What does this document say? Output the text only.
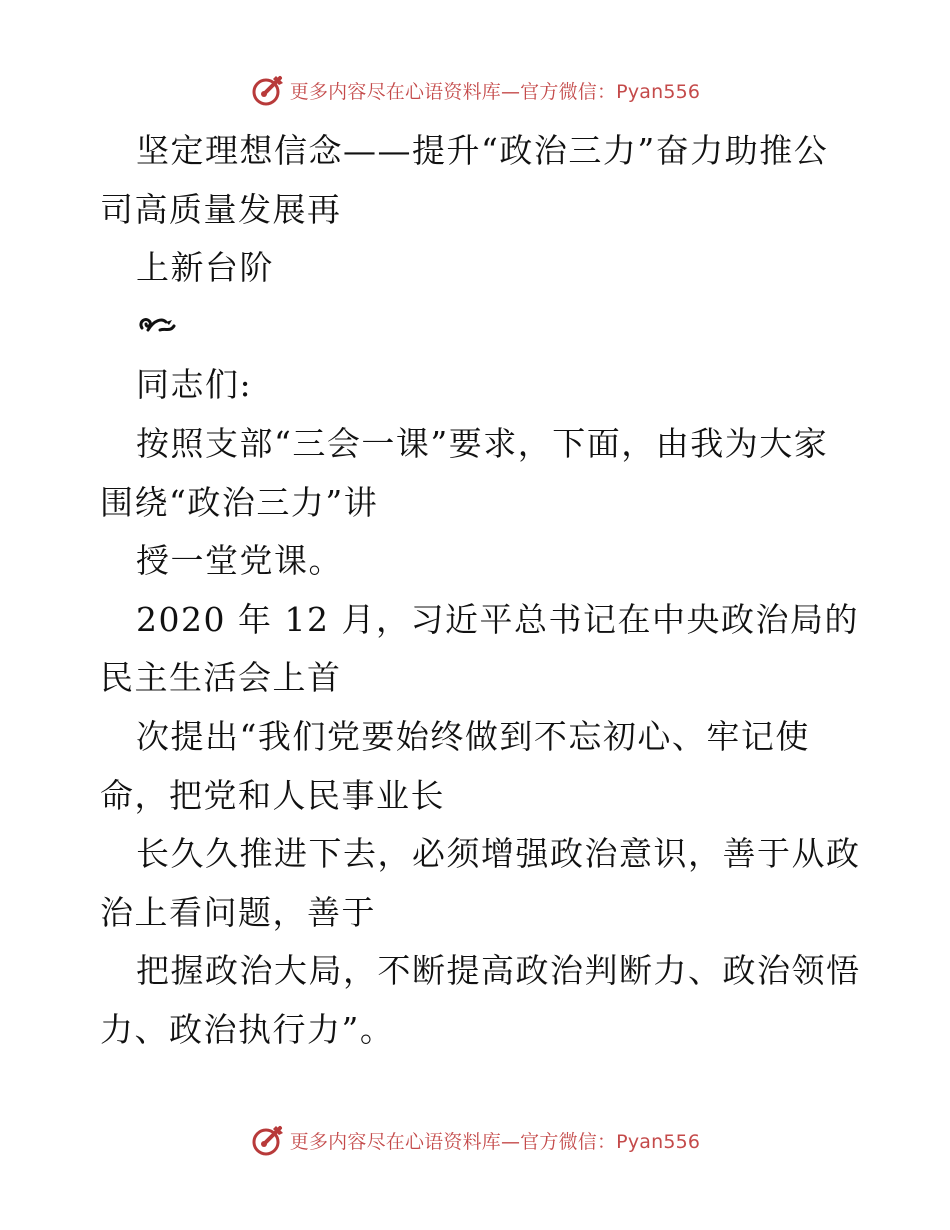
更多内容尽在心语资料库—官方微信：Pyan556
坚定理想信念——提升“政治三力”奋力助推公
司高质量发展再
上新台阶
同志们:
按照支部“三会一课”要求，下面，由我为大家
围绕“政治三力”讲
授一堂党课。
2020 年 12 月，习近平总书记在中央政治局的
民主生活会上首
次提出“我们党要始终做到不忘初心、牢记使
命，把党和人民事业长
长久久推进下去，必须增强政治意识，善于从政
治上看问题，善于
把握政治大局，不断提高政治判断力、政治领悟
力、政治执行力”。
更多内容尽在心语资料库—官方微信：Pyan556
